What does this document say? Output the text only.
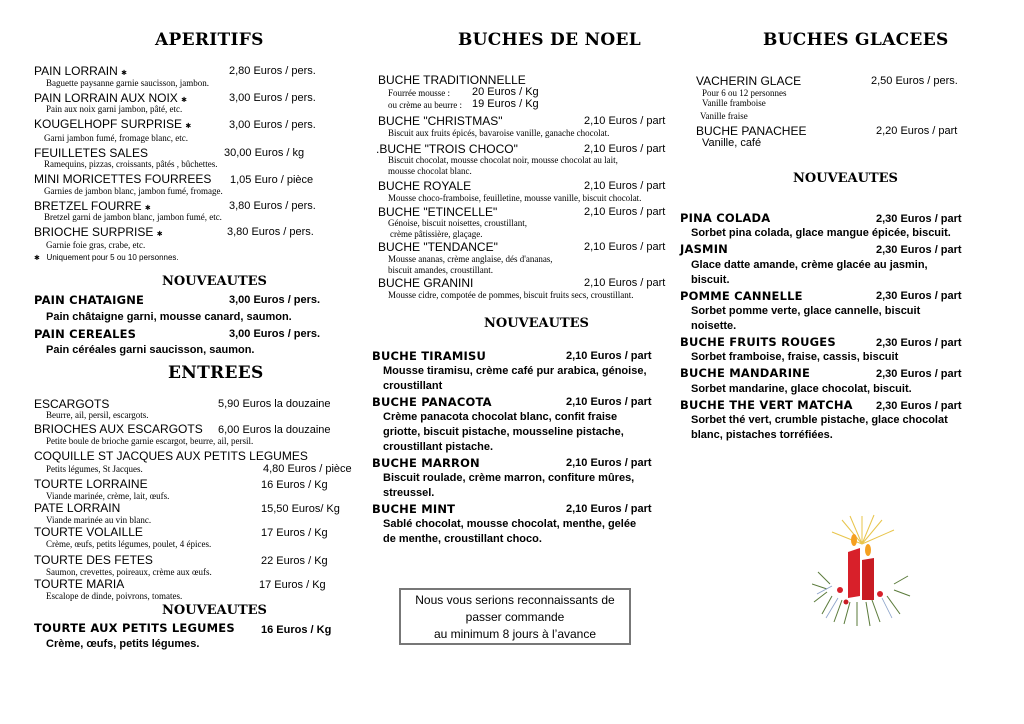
APERITIFS
PAIN LORRAIN ✱	2,80 Euros / pers.
Baguette paysanne garnie saucisson, jambon.
PAIN LORRAIN AUX NOIX ✱	3,00 Euros / pers.
Pain aux noix garni jambon, pâté, etc.
KOUGELHOPF SURPRISE ✱	3,00 Euros / pers.
Garni jambon fumé, fromage blanc, etc.
FEUILLETES SALES	30,00 Euros / kg
Ramequins, pizzas, croissants, pâtés , bûchettes.
MINI MORICETTES FOURREES 1,05 Euro / pièce
Garnies de jambon blanc, jambon fumé, fromage.
BRETZEL FOURRE ✱	3,80 Euros / pers.
Bretzel garni de jambon blanc, jambon fumé, etc.
BRIOCHE SURPRISE ✱	3,80 Euros / pers.
Garnie foie gras, crabe, etc.
✱ Uniquement pour 5 ou 10 personnes.
NOUVEAUTES
PAIN CHATAIGNE	3,00 Euros / pers.
Pain châtaigne garni, mousse canard, saumon.
PAIN CEREALES	3,00 Euros / pers.
Pain céréales garni saucisson, saumon.
ENTREES
ESCARGOTS	5,90 Euros la douzaine
Beurre, ail, persil, escargots.
BRIOCHES AUX ESCARGOTS 6,00 Euros la douzaine
Petite boule de brioche garnie escargot, beurre, ail, persil.
COQUILLE ST JACQUES AUX PETITS LEGUMES
Petits légumes, St Jacques.	4,80 Euros / pièce
TOURTE LORRAINE	16 Euros / Kg
Viande marinée, crème, lait, œufs.
PATE LORRAIN	15,50 Euros/ Kg
Viande marinée au vin blanc.
TOURTE VOLAILLE	17 Euros / Kg
Crème, œufs, petits légumes, poulet, 4 épices.
TOURTE DES FETES	22 Euros / Kg
Saumon, crevettes, poireaux, crème aux œufs.
TOURTE MARIA	17 Euros / Kg
Escalope de dinde, poivrons, tomates.
NOUVEAUTES
TOURTE AUX PETITS LEGUMES 16 Euros / Kg
Crème, œufs, petits légumes.
BUCHES DE NOEL
BUCHE TRADITIONNELLE
Fourrée mousse : 20 Euros / Kg
ou crème au beurre : 19 Euros / Kg
BUCHE "CHRISTMAS"	2,10 Euros / part
Biscuit aux fruits épicés, bavaroise vanille, ganache chocolat.
.BUCHE "TROIS CHOCO"	2,10 Euros / part
Biscuit chocolat, mousse chocolat noir, mousse chocolat au lait,
mousse chocolat blanc.
BUCHE ROYALE	2,10 Euros / part
Mousse choco-framboise, feuilletine, mousse vanille, biscuit chocolat.
BUCHE "ETINCELLE"	2,10 Euros / part
Génoise, biscuit noisettes, croustillant,
crème pâtissière, glaçage.
BUCHE "TENDANCE"	2,10 Euros / part
Mousse ananas, crème anglaise, dés d'ananas,
biscuit amandes, croustillant.
BUCHE GRANINI	2,10 Euros / part
Mousse cidre, compotée de pommes, biscuit fruits secs, croustillant.
NOUVEAUTES
BUCHE TIRAMISU	2,10 Euros / part
Mousse tiramisu, crème café pur arabica, génoise,
croustillant
BUCHE PANACOTA	2,10 Euros / part
Crème panacota chocolat blanc, confit fraise
griotte, biscuit pistache, mousseline pistache,
croustillant pistache.
BUCHE MARRON	2,10 Euros / part
Biscuit roulade, crème marron, confiture mûres,
streussel.
BUCHE MINT	2,10 Euros / part
Sablé chocolat, mousse chocolat, menthe, gelée
de menthe, croustillant choco.
Nous vous serions reconnaissants de
passer commande
au minimum 8 jours à l’avance
BUCHES GLACEES
VACHERIN GLACE	2,50 Euros / pers.
Pour 6 ou 12 personnes
Vanille framboise
Vanille fraise
BUCHE PANACHEE	2,20 Euros / part
Vanille, café
NOUVEAUTES
PINA COLADA	2,30 Euros / part
Sorbet pina colada, glace mangue épicée, biscuit.
JASMIN	2,30 Euros / part
Glace datte amande, crème glacée au jasmin,
biscuit.
POMME CANNELLE	2,30 Euros / part
Sorbet pomme verte, glace cannelle, biscuit
noisette.
BUCHE FRUITS ROUGES	2,30 Euros / part
Sorbet framboise, fraise, cassis, biscuit
BUCHE MANDARINE	2,30 Euros / part
Sorbet mandarine, glace chocolat, biscuit.
BUCHE THE VERT MATCHA 2,30 Euros / part
Sorbet thé vert, crumble pistache, glace chocolat
blanc, pistaches torréfiées.
